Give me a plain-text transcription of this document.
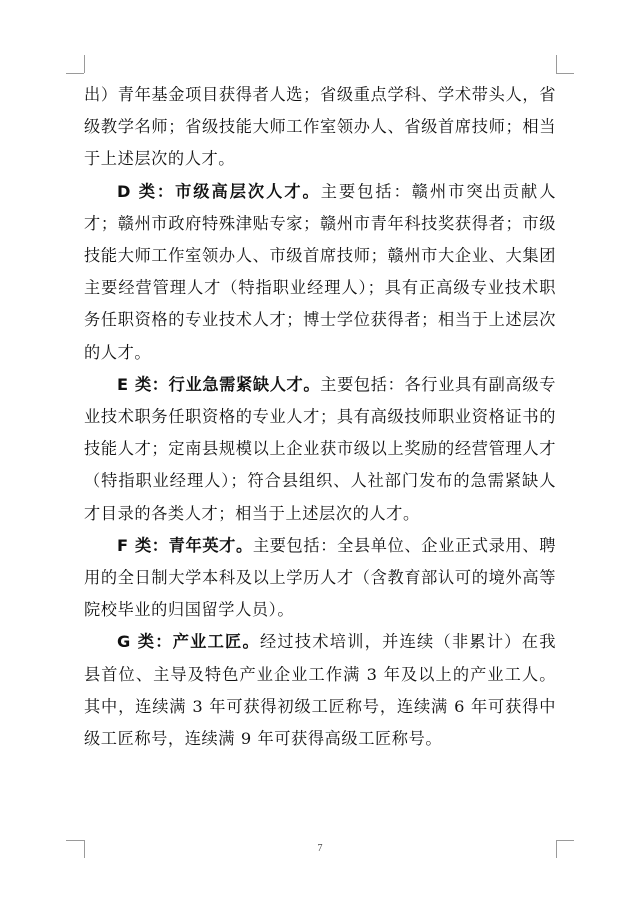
出）青年基金项目获得者人选；省级重点学科、学术带头人，省级教学名师；省级技能大师工作室领办人、省级首席技师；相当于上述层次的人才。

D 类：市级高层次人才。主要包括：赣州市突出贡献人才；赣州市政府特殊津贴专家；赣州市青年科技奖获得者；市级技能大师工作室领办人、市级首席技师；赣州市大企业、大集团主要经营管理人才（特指职业经理人）；具有正高级专业技术职务任职资格的专业技术人才；博士学位获得者；相当于上述层次的人才。

E 类：行业急需紧缺人才。主要包括：各行业具有副高级专业技术职务任职资格的专业人才；具有高级技师职业资格证书的技能人才；定南县规模以上企业获市级以上奖励的经营管理人才（特指职业经理人）；符合县组织、人社部门发布的急需紧缺人才目录的各类人才；相当于上述层次的人才。

F 类：青年英才。主要包括：全县单位、企业正式录用、聘用的全日制大学本科及以上学历人才（含教育部认可的境外高等院校毕业的归国留学人员）。

G 类：产业工匠。经过技术培训，并连续（非累计）在我县首位、主导及特色产业企业工作满 3 年及以上的产业工人。其中，连续满 3 年可获得初级工匠称号，连续满 6 年可获得中级工匠称号，连续满 9 年可获得高级工匠称号。

7
